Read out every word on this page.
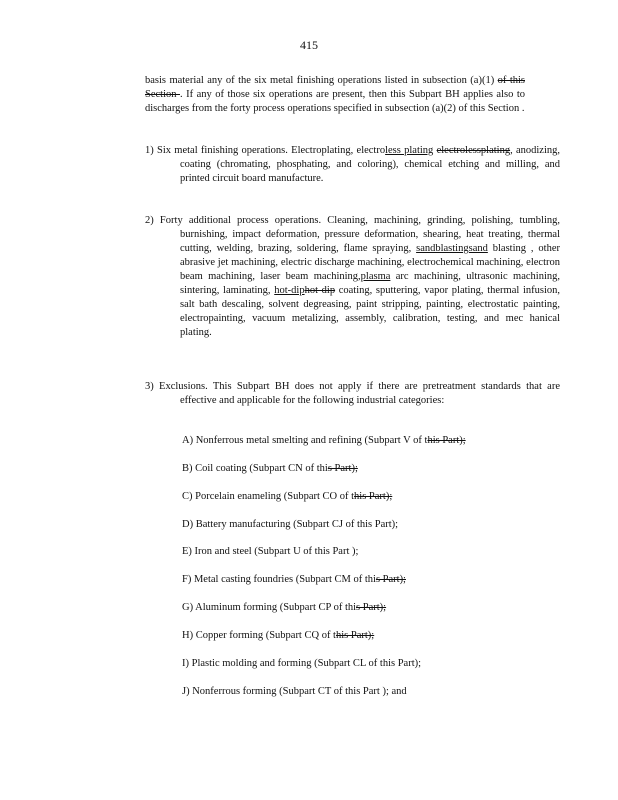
415

basis material any of the six metal finishing operations listed in subsection (a)(1) of this Section . If any of those six operations are present, then this Subpart BH applies also to discharges from the forty process operations specified in subsection (a)(2) of this Section .

1) Six metal finishing operations. Electroplating, electroless plating electrolessplating, anodizing, coating (chromating, phosphating, and coloring), chemical etching and milling, and printed circuit board manufacture.

2) Forty additional process operations. Cleaning, machining, grinding, polishing, tumbling, burnishing, impact deformation, pressure deformation, shearing, heat treating, thermal cutting, welding, brazing, soldering, flame spraying, sandblastingsand blasting , other abrasive jet machining, electric discharge machining, electrochemical machining, electron beam machining, laser beam machining,plasma arc machining, ultrasonic machining, sintering, laminating, hot-diphot dip coating, sputtering, vapor plating, thermal infusion, salt bath descaling, solvent degreasing, paint stripping, painting, electrostatic painting, electropainting, vacuum metalizing, assembly, calibration, testing, and mec hanical plating.

3) Exclusions. This Subpart BH does not apply if there are pretreatment standards that are effective and applicable for the following industrial categories:

A) Nonferrous metal smelting and refining (Subpart V of this Part);
B) Coil coating (Subpart CN of this Part);
C) Porcelain enameling (Subpart CO of this Part);
D) Battery manufacturing (Subpart CJ of this Part);
E) Iron and steel (Subpart U of this Part );
F) Metal casting foundries (Subpart CM of this Part);
G) Aluminum forming (Subpart CP of this Part);
H) Copper forming (Subpart CQ of this Part);
I) Plastic molding and forming (Subpart CL of this Part);
J) Nonferrous forming (Subpart CT of this Part ); and
